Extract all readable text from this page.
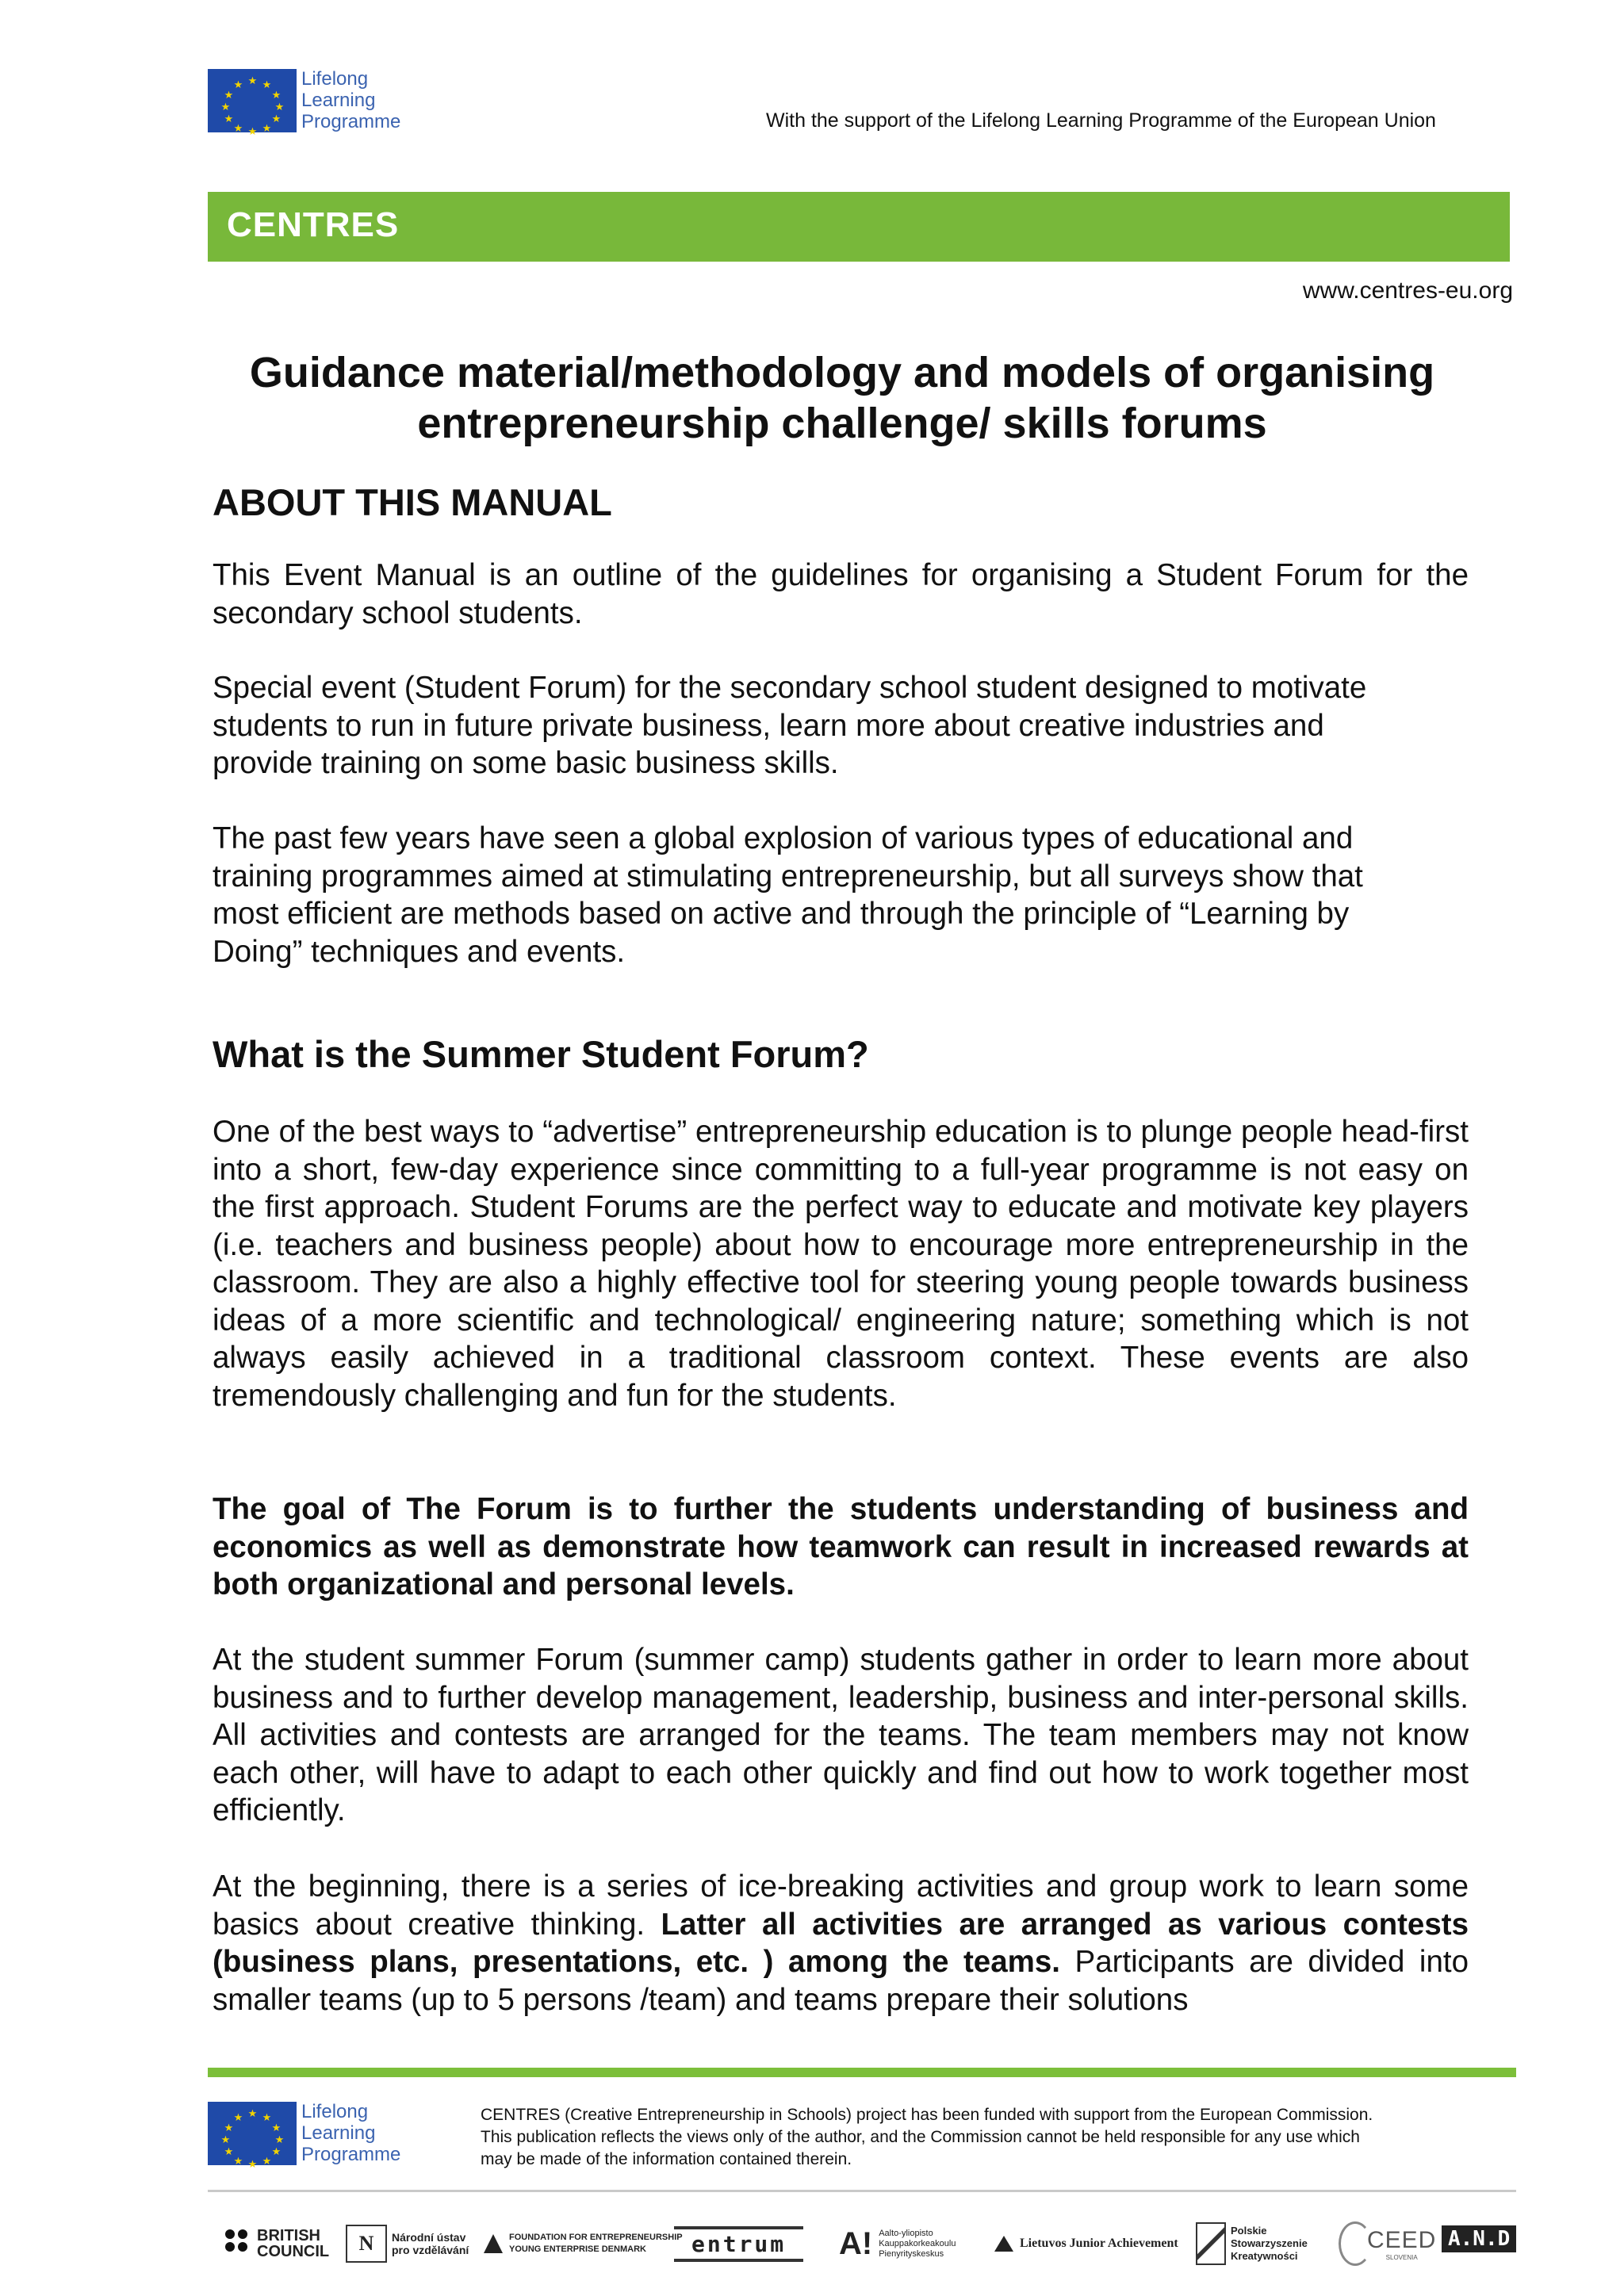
★ ★
★
★
★
★
★
★
★
★
★
★	Lifelong
Learning
Programme	With the support of the Lifelong Learning Programme of the European Union
CENTRES
www.centres-eu.org
Guidance material/methodology and models of organising
entrepreneurship challenge/ skills forums
ABOUT THIS MANUAL

This Event Manual is an outline of the guidelines for organising a Student Forum for the secondary school students.

Special event (Student Forum) for the secondary school student designed to motivate
students to run in future private business, learn more about creative industries and
provide training on some basic business skills.
The past few years have seen a global explosion of various types of educational and
training programmes aimed at stimulating entrepreneurship, but all surveys show that
most efficient are methods based on active and through the principle of “Learning by
Doing” techniques and events.
What is the Summer Student Forum?

One of the best ways to “advertise” entrepreneurship education is to plunge people head-first into a short, few-day experience since committing to a full-year programme is not easy on the first approach. Student Forums are the perfect way to educate and motivate key players (i.e. teachers and business people) about how to encourage more entrepreneurship in the classroom. They are also a highly effective tool for steering young people towards business ideas of a more scientific and technological/ engineering nature; something which is not always easily achieved in a traditional classroom context. These events are also tremendously challenging and fun for the students.

The goal of The Forum is to further the students understanding of business and economics as well as demonstrate how teamwork can result in increased rewards at both organizational and personal levels.

At the student summer Forum (summer camp) students gather in order to learn more about business and to further develop management, leadership, business and inter-personal skills. All activities and contests are arranged for the teams. The team members may not know each other, will have to adapt to each other quickly and find out how to work together most efficiently.

At the beginning, there is a series of ice-breaking activities and group work to learn some basics about creative thinking. Latter all activities are arranged as various contests (business plans, presentations, etc. ) among the teams. Participants are divided into smaller teams (up to 5 persons /team) and teams prepare their solutions

★ ★
★
★
★
★
★
★
★
★
★
★	Lifelong
Learning
Programme
CENTRES (Creative Entrepreneurship in Schools) project has been funded with support from the European Commission.
This publication reflects the views only of the author, and the Commission cannot be held responsible for any use which
may be made of the information contained therein.
BRITISH
COUNCIL	N	Národní ústav
pro vzdělávání
FOUNDATION FOR ENTREPRENEURSHIP
YOUNG ENTERPRISE DENMARK	entrum	A! Aalto-yliopisto
Kauppakorkeakoulu
Pienyrityskeskus
Lietuvos Junior Achievement
Polskie
Stowarzyszenie
Kreatywności
CEED
SLOVENIA
A.N.D
